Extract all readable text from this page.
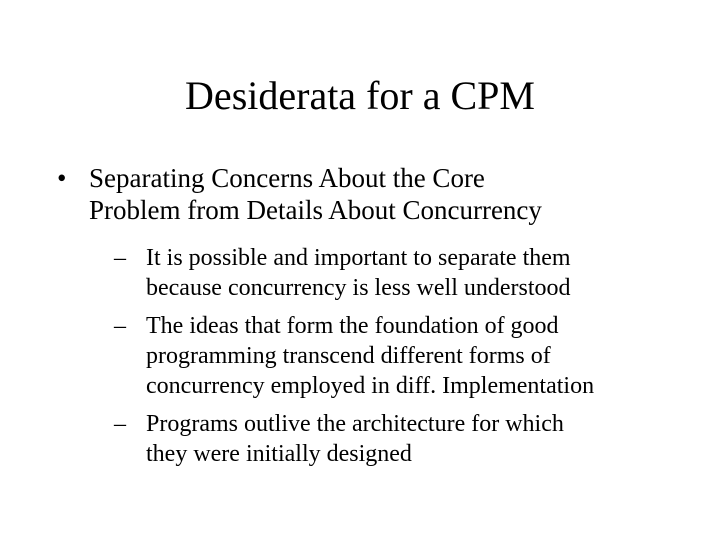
Desiderata for a CPM
• Separating Concerns About the Core
Problem from Details About Concurrency
– It is possible and important to separate them
because concurrency is less well understood
– The ideas that form the foundation of good
programming transcend different forms of
concurrency employed in diff. Implementation
– Programs outlive the architecture for which
they were initially designed
